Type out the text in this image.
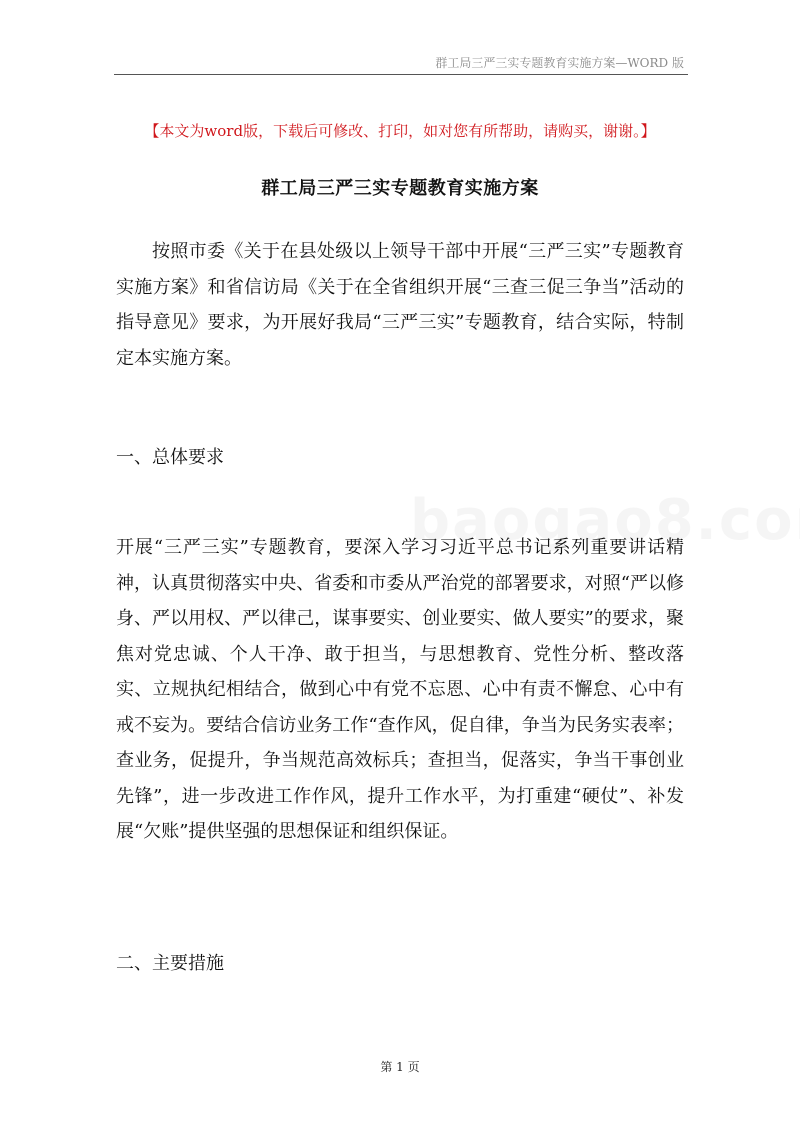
群工局三严三实专题教育实施方案—WORD 版
【本文为word版，下载后可修改、打印，如对您有所帮助，请购买，谢谢。】
群工局三严三实专题教育实施方案

按照市委《关于在县处级以上领导干部中开展“三严三实”专题教育实施方案》和省信访局《关于在全省组织开展“三查三促三争当”活动的指导意见》要求，为开展好我局“三严三实”专题教育，结合实际，特制定本实施方案。

一、总体要求

开展“三严三实”专题教育，要深入学习习近平总书记系列重要讲话精神，认真贯彻落实中央、省委和市委从严治党的部署要求，对照“严以修身、严以用权、严以律己，谋事要实、创业要实、做人要实”的要求，聚焦对党忠诚、个人干净、敢于担当，与思想教育、党性分析、整改落实、立规执纪相结合，做到心中有党不忘恩、心中有责不懈怠、心中有戒不妄为。要结合信访业务工作“查作风，促自律，争当为民务实表率；查业务，促提升，争当规范高效标兵；查担当，促落实，争当干事创业先锋”，进一步改进工作作风，提升工作水平，为打重建“硬仗”、补发展“欠账”提供坚强的思想保证和组织保证。

二、主要措施
第 1 页
